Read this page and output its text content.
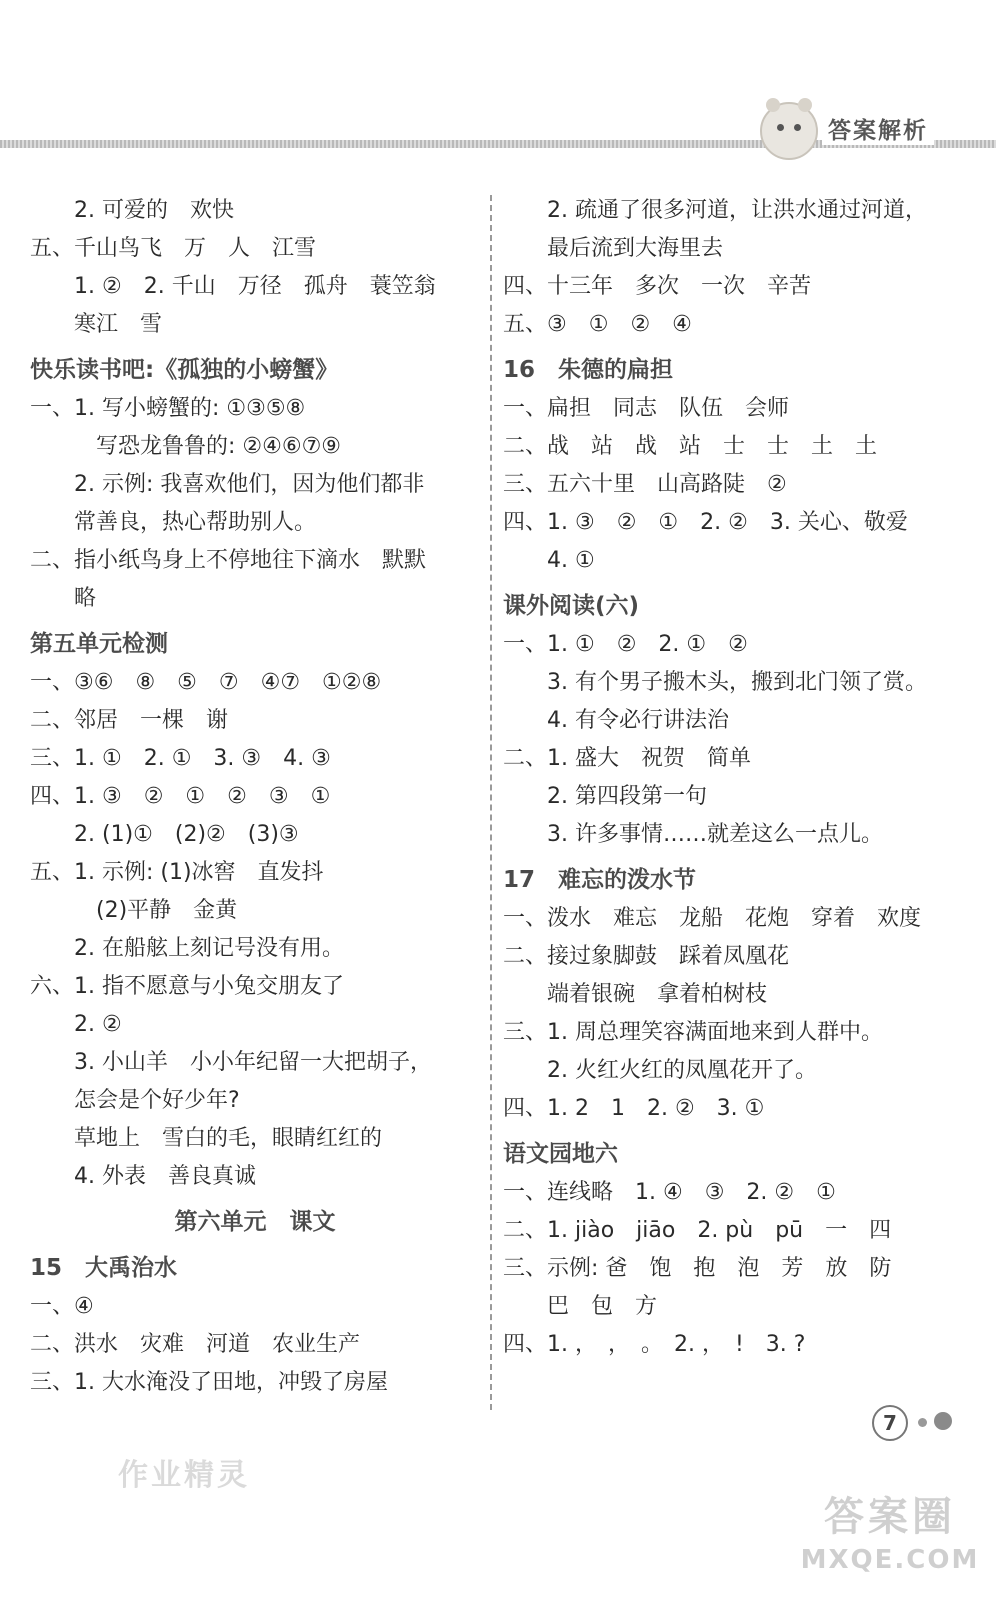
答案解析
　　2. 可爱的　欢快
五、千山鸟飞　万　人　江雪
　　1. ②　2. 千山　万径　孤舟　蓑笠翁
　　寒江　雪
快乐读书吧:《孤独的小螃蟹》
一、1. 写小螃蟹的: ①③⑤⑧
　　　写恐龙鲁鲁的: ②④⑥⑦⑨
　　2. 示例: 我喜欢他们，因为他们都非
　　常善良，热心帮助别人。
二、指小纸鸟身上不停地往下滴水　默默
　　略
第五单元检测
一、③⑥　⑧　⑤　⑦　④⑦　①②⑧
二、邻居　一棵　谢
三、1. ①　2. ①　3. ③　4. ③
四、1. ③　②　①　②　③　①
　　2. (1)①　(2)②　(3)③
五、1. 示例: (1)冰窖　直发抖
　　　(2)平静　金黄
　　2. 在船舷上刻记号没有用。
六、1. 指不愿意与小兔交朋友了
　　2. ②
　　3. 小山羊　小小年纪留一大把胡子，
　　怎会是个好少年?
　　草地上　雪白的毛，眼睛红红的
　　4. 外表　善良真诚
第六单元　课文
15　大禹治水
一、④
二、洪水　灾难　河道　农业生产
三、1. 大水淹没了田地，冲毁了房屋
　　2. 疏通了很多河道，让洪水通过河道，
　　最后流到大海里去
四、十三年　多次　一次　辛苦
五、③　①　②　④
16　朱德的扁担
一、扁担　同志　队伍　会师
二、战　站　战　站　士　士　土　土
三、五六十里　山高路陡　②
四、1. ③　②　①　2. ②　3. 关心、敬爱
　　4. ①
课外阅读(六)
一、1. ①　②　2. ①　②
　　3. 有个男子搬木头，搬到北门领了赏。
　　4. 有令必行讲法治
二、1. 盛大　祝贺　简单
　　2. 第四段第一句
　　3. 许多事情……就差这么一点儿。
17　难忘的泼水节
一、泼水　难忘　龙船　花炮　穿着　欢度
二、接过象脚鼓　踩着凤凰花
　　端着银碗　拿着柏树枝
三、1. 周总理笑容满面地来到人群中。
　　2. 火红火红的凤凰花开了。
四、1. 2　1　2. ②　3. ①
语文园地六
一、连线略　1. ④　③　2. ②　①
二、1. jiào　jiāo　2. pù　pū　一　四
三、示例: 爸　饱　抱　泡　芳　放　防
　　巴　包　方
四、1. ，　，　。　2. ，　!　3. ?
7
作业精灵
答案圈
MXQE.COM
